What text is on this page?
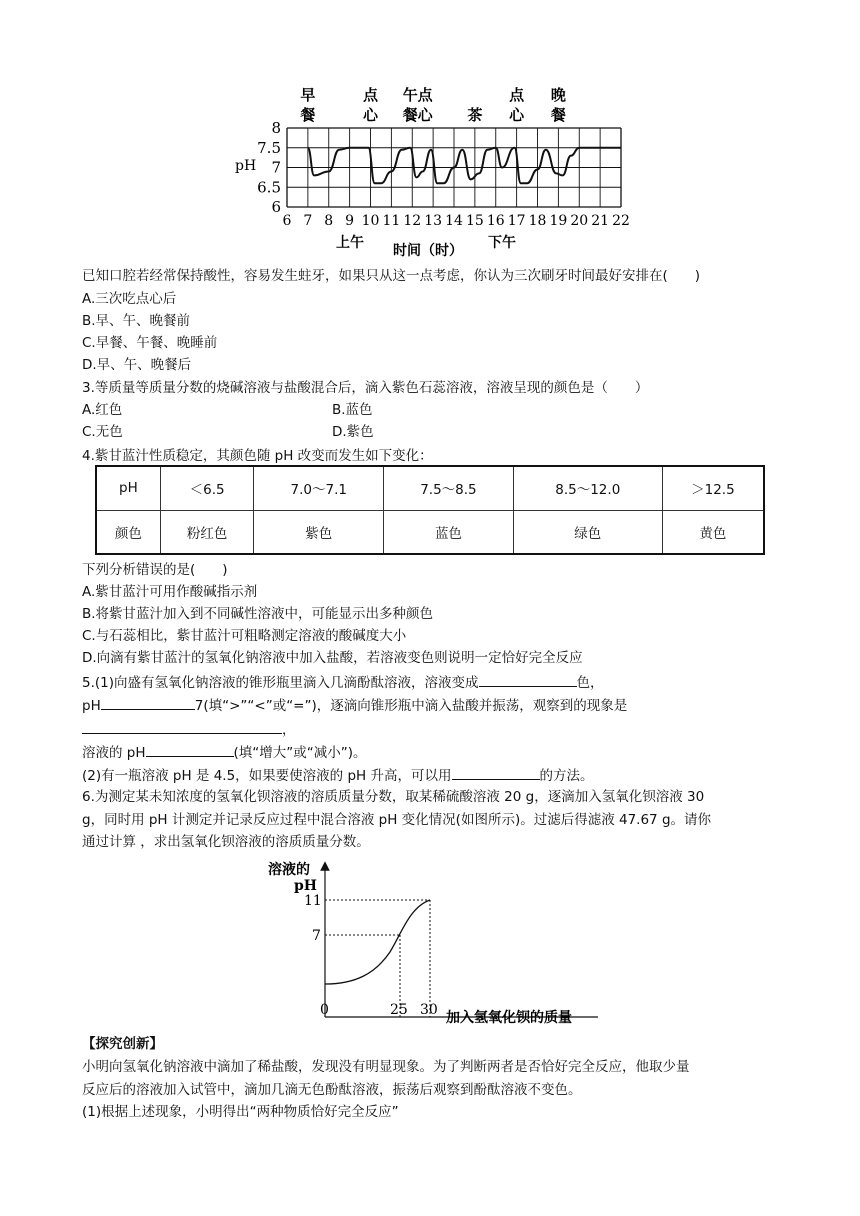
早
餐
点
心
午
餐
点
心 茶
点
心
晚
餐
8
7.5
7
6.5
6
6 7 8 9 10 11 12 13 14 15 16 17 18 19 20 21 22
pH
上午	下午
时间（时）
已知口腔若经常保持酸性，容易发生蛀牙，如果只从这一点考虑，你认为三次刷牙时间最好安排在(　　)
A.三次吃点心后
B.早、午、晚餐前
C.早餐、午餐、晚睡前
D.早、午、晚餐后
3.等质量等质量分数的烧碱溶液与盐酸混合后，滴入紫色石蕊溶液，溶液呈现的颜色是（　　）
A.红色	B.蓝色
C.无色	D.紫色
4.紫甘蓝汁性质稳定，其颜色随 pH 改变而发生如下变化：
pH	＜6.5	7.0～7.1	7.5～8.5	8.5～12.0	＞12.5
颜色	粉红色	紫色	蓝色	绿色	黄色
下列分析错误的是(　　)
A.紫甘蓝汁可用作酸碱指示剂
B.将紫甘蓝汁加入到不同碱性溶液中，可能显示出多种颜色
C.与石蕊相比，紫甘蓝汁可粗略测定溶液的酸碱度大小
D.向滴有紫甘蓝汁的氢氧化钠溶液中加入盐酸，若溶液变色则说明一定恰好完全反应
5.(1)向盛有氢氧化钠溶液的锥形瓶里滴入几滴酚酞溶液，溶液变成	色，
pH	7(填“>”“<”或“=”)，逐滴向锥形瓶中滴入盐酸并振荡，观察到的现象是
，
溶液的 pH	(填“增大”或“减小”)。
(2)有一瓶溶液 pH 是 4.5，如果要使溶液的 pH 升高，可以用	的方法。
6.为测定某未知浓度的氢氧化钡溶液的溶质质量分数，取某稀硫酸溶液 20 g，逐滴加入氢氧化钡溶液 30
g，同时用 pH 计测定并记录反应过程中混合溶液 pH 变化情况(如图所示)。过滤后得滤液 47.67 g。请你
通过计算 ，求出氢氧化钡溶液的溶质质量分数。
溶液的
pH
11
7
0	25 30 加入氢氧化钡的质量
【探究创新】
小明向氢氧化钠溶液中滴加了稀盐酸，发现没有明显现象。为了判断两者是否恰好完全反应，他取少量
反应后的溶液加入试管中，滴加几滴无色酚酞溶液，振荡后观察到酚酞溶液不变色。
(1)根据上述现象，小明得出“两种物质恰好完全反应”
